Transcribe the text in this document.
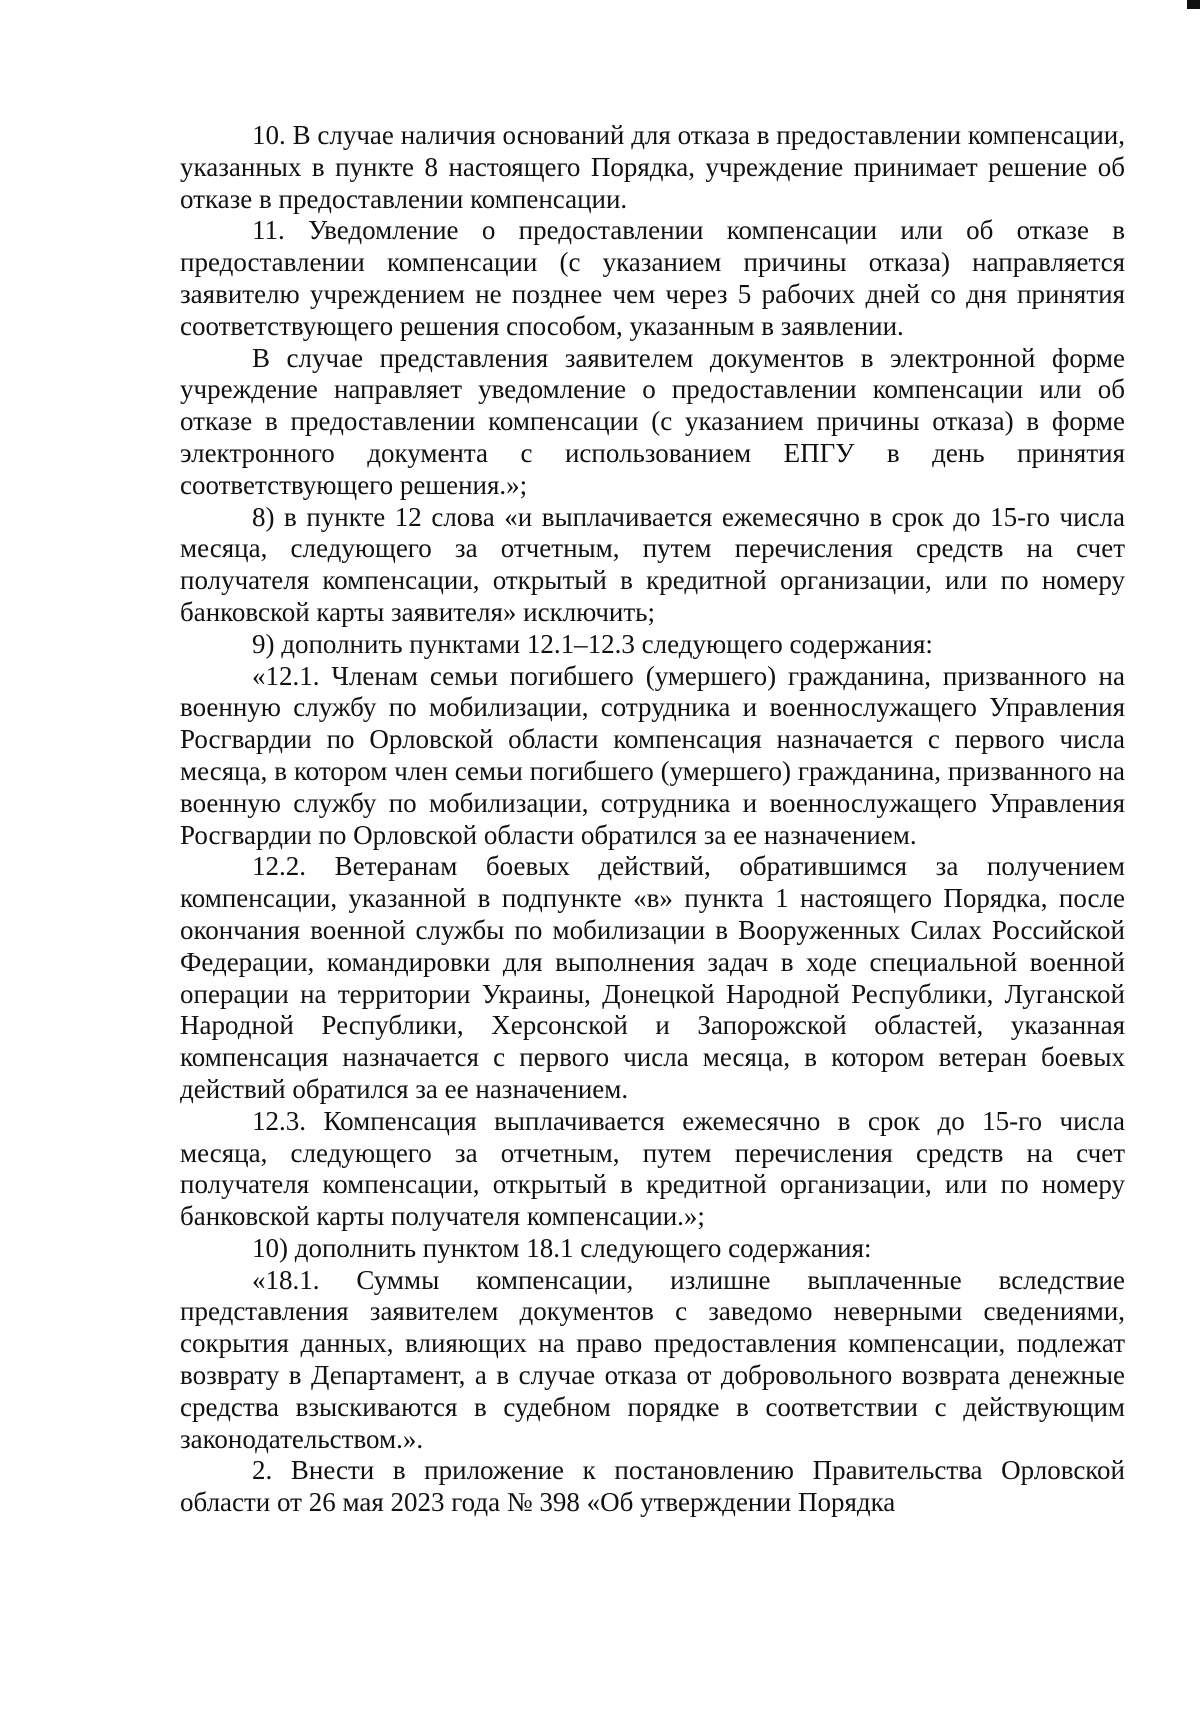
10. В случае наличия оснований для отказа в предоставлении компенсации, указанных в пункте 8 настоящего Порядка, учреждение принимает решение об отказе в предоставлении компенсации.

11. Уведомление о предоставлении компенсации или об отказе в предоставлении компенсации (с указанием причины отказа) направляется заявителю учреждением не позднее чем через 5 рабочих дней со дня принятия соответствующего решения способом, указанным в заявлении.

В случае представления заявителем документов в электронной форме учреждение направляет уведомление о предоставлении компенсации или об отказе в предоставлении компенсации (с указанием причины отказа) в форме электронного документа с использованием ЕПГУ в день принятия соответствующего решения.»;

8) в пункте 12 слова «и выплачивается ежемесячно в срок до 15-го числа месяца, следующего за отчетным, путем перечисления средств на счет получателя компенсации, открытый в кредитной организации, или по номеру банковской карты заявителя» исключить;

9) дополнить пунктами 12.1–12.3 следующего содержания:

«12.1. Членам семьи погибшего (умершего) гражданина, призванного на военную службу по мобилизации, сотрудника и военнослужащего Управления Росгвардии по Орловской области компенсация назначается с первого числа месяца, в котором член семьи погибшего (умершего) гражданина, призванного на военную службу по мобилизации, сотрудника и военнослужащего Управления Росгвардии по Орловской области обратился за ее назначением.

12.2. Ветеранам боевых действий, обратившимся за получением компенсации, указанной в подпункте «в» пункта 1 настоящего Порядка, после окончания военной службы по мобилизации в Вооруженных Силах Российской Федерации, командировки для выполнения задач в ходе специальной военной операции на территории Украины, Донецкой Народной Республики, Луганской Народной Республики, Херсонской и Запорожской областей, указанная компенсация назначается с первого числа месяца, в котором ветеран боевых действий обратился за ее назначением.

12.3. Компенсация выплачивается ежемесячно в срок до 15-го числа месяца, следующего за отчетным, путем перечисления средств на счет получателя компенсации, открытый в кредитной организации, или по номеру банковской карты получателя компенсации.»;

10) дополнить пунктом 18.1 следующего содержания:

«18.1. Суммы компенсации, излишне выплаченные вследствие представления заявителем документов с заведомо неверными сведениями, сокрытия данных, влияющих на право предоставления компенсации, подлежат возврату в Департамент, а в случае отказа от добровольного возврата денежные средства взыскиваются в судебном порядке в соответствии с действующим законодательством.».

2. Внести в приложение к постановлению Правительства Орловской области от 26 мая 2023 года № 398 «Об утверждении Порядка
